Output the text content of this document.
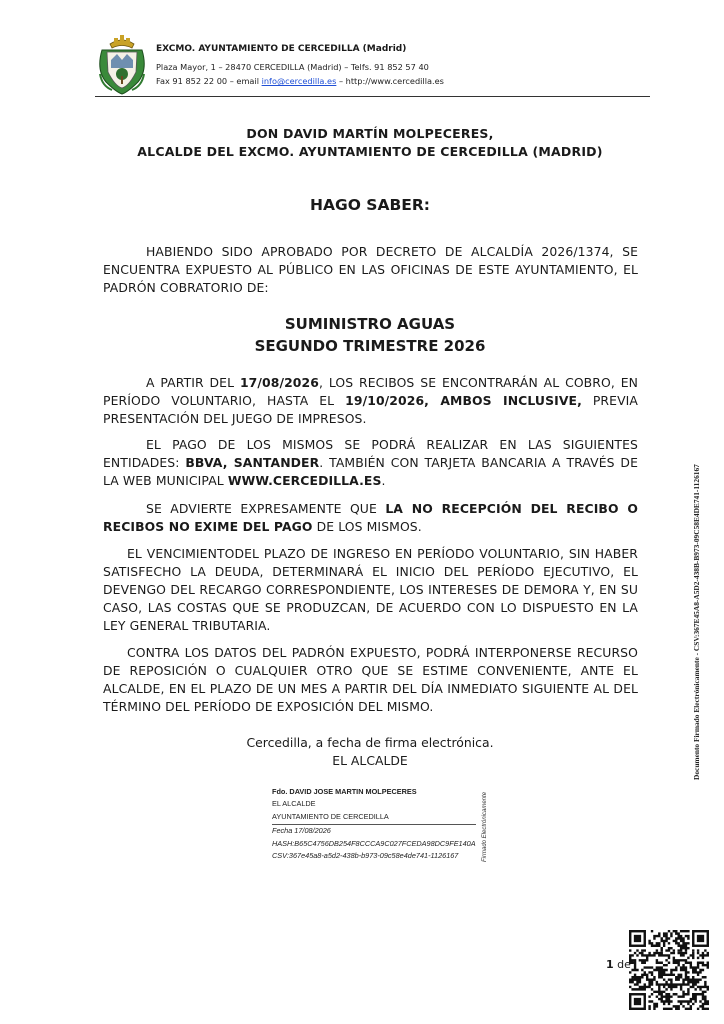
EXCMO. AYUNTAMIENTO DE CERCEDILLA (Madrid)
Plaza Mayor, 1 – 28470 CERCEDILLA (Madrid) – Telfs. 91 852 57 40
Fax 91 852 22 00 – email info@cercedilla.es – http://www.cercedilla.es
DON DAVID MARTÍN MOLPECERES,
ALCALDE DEL EXCMO. AYUNTAMIENTO DE CERCEDILLA (MADRID)
HAGO SABER:
HABIENDO SIDO APROBADO POR DECRETO DE ALCALDÍA 2026/1374, SE ENCUENTRA EXPUESTO AL PÚBLICO EN LAS OFICINAS DE ESTE AYUNTAMIENTO, EL PADRÓN COBRATORIO DE:
SUMINISTRO AGUAS
SEGUNDO TRIMESTRE 2026
A PARTIR DEL 17/08/2026, LOS RECIBOS SE ENCONTRARÁN AL COBRO, EN PERÍODO VOLUNTARIO, HASTA EL 19/10/2026, AMBOS INCLUSIVE, PREVIA PRESENTACIÓN DEL JUEGO DE IMPRESOS.
EL PAGO DE LOS MISMOS SE PODRÁ REALIZAR EN LAS SIGUIENTES ENTIDADES: BBVA, SANTANDER. TAMBIÉN CON TARJETA BANCARIA A TRAVÉS DE LA WEB MUNICIPAL WWW.CERCEDILLA.ES.
SE ADVIERTE EXPRESAMENTE QUE LA NO RECEPCIÓN DEL RECIBO O RECIBOS NO EXIME DEL PAGO DE LOS MISMOS.
EL VENCIMIENTODEL PLAZO DE INGRESO EN PERÍODO VOLUNTARIO, SIN HABER SATISFECHO LA DEUDA, DETERMINARÁ EL INICIO DEL PERÍODO EJECUTIVO, EL DEVENGO DEL RECARGO CORRESPONDIENTE, LOS INTERESES DE DEMORA Y, EN SU CASO, LAS COSTAS QUE SE PRODUZCAN, DE ACUERDO CON LO DISPUESTO EN LA LEY GENERAL TRIBUTARIA.
CONTRA LOS DATOS DEL PADRÓN EXPUESTO, PODRÁ INTERPONERSE RECURSO DE REPOSICIÓN O CUALQUIER OTRO QUE SE ESTIME CONVENIENTE, ANTE EL ALCALDE, EN EL PLAZO DE UN MES A PARTIR DEL DÍA INMEDIATO SIGUIENTE AL DEL TÉRMINO DEL PERÍODO DE EXPOSICIÓN DEL MISMO.
Cercedilla, a fecha de firma electrónica.
EL ALCALDE
Fdo. DAVID JOSE MARTIN MOLPECERES
EL ALCALDE
AYUNTAMIENTO DE CERCEDILLA
Fecha 17/08/2026
HASH:B65C4756DB254F8CCCA9C027FCEDA98DC9FE140A
CSV:367e45a8-a5d2-438b-b973-09c58e4de741-1126167	Firmado Electrónicamente
Documento Firmado Electrónicamente - CSV:367E45A8-A5D2-438B-B973-09C58E4DE741-1126167
1 de
